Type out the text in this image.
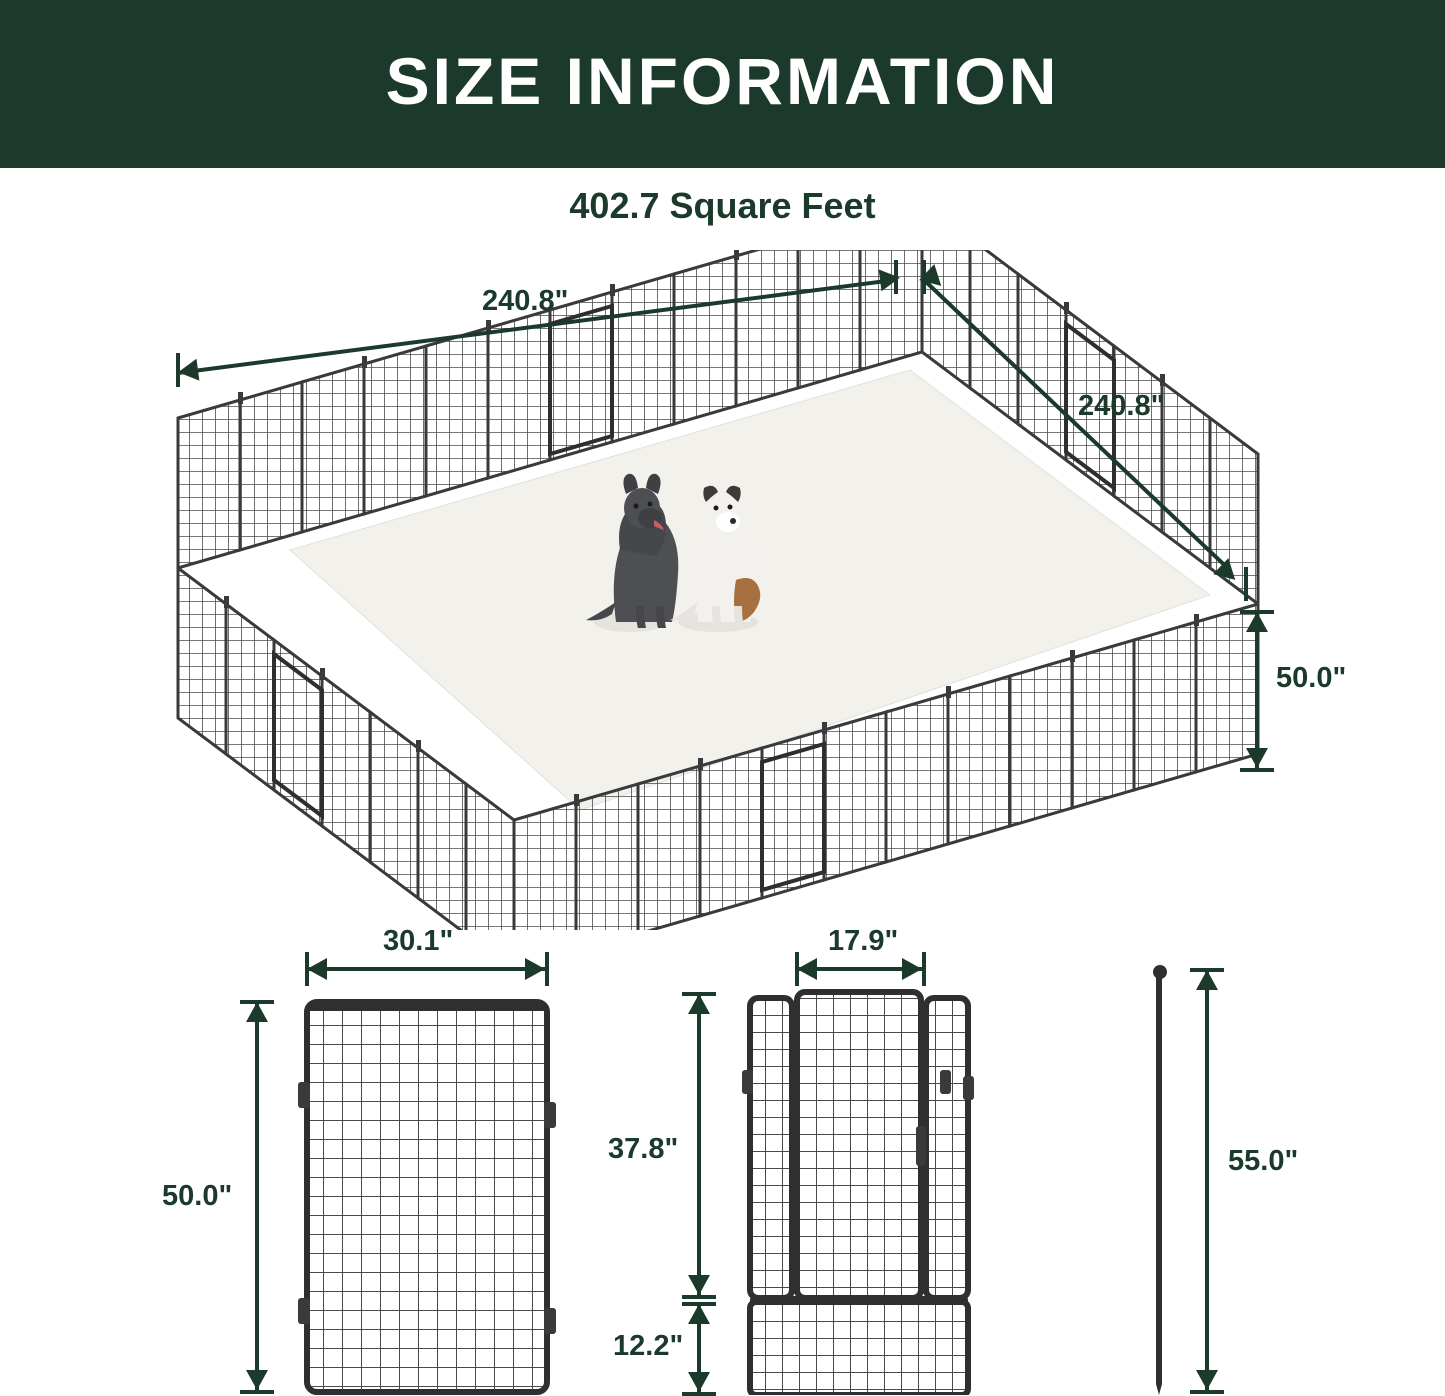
SIZE INFORMATION
402.7 Square Feet
240.8"
240.8"
50.0"
30.1"
50.0"
17.9"
37.8"
12.2"
55.0"
